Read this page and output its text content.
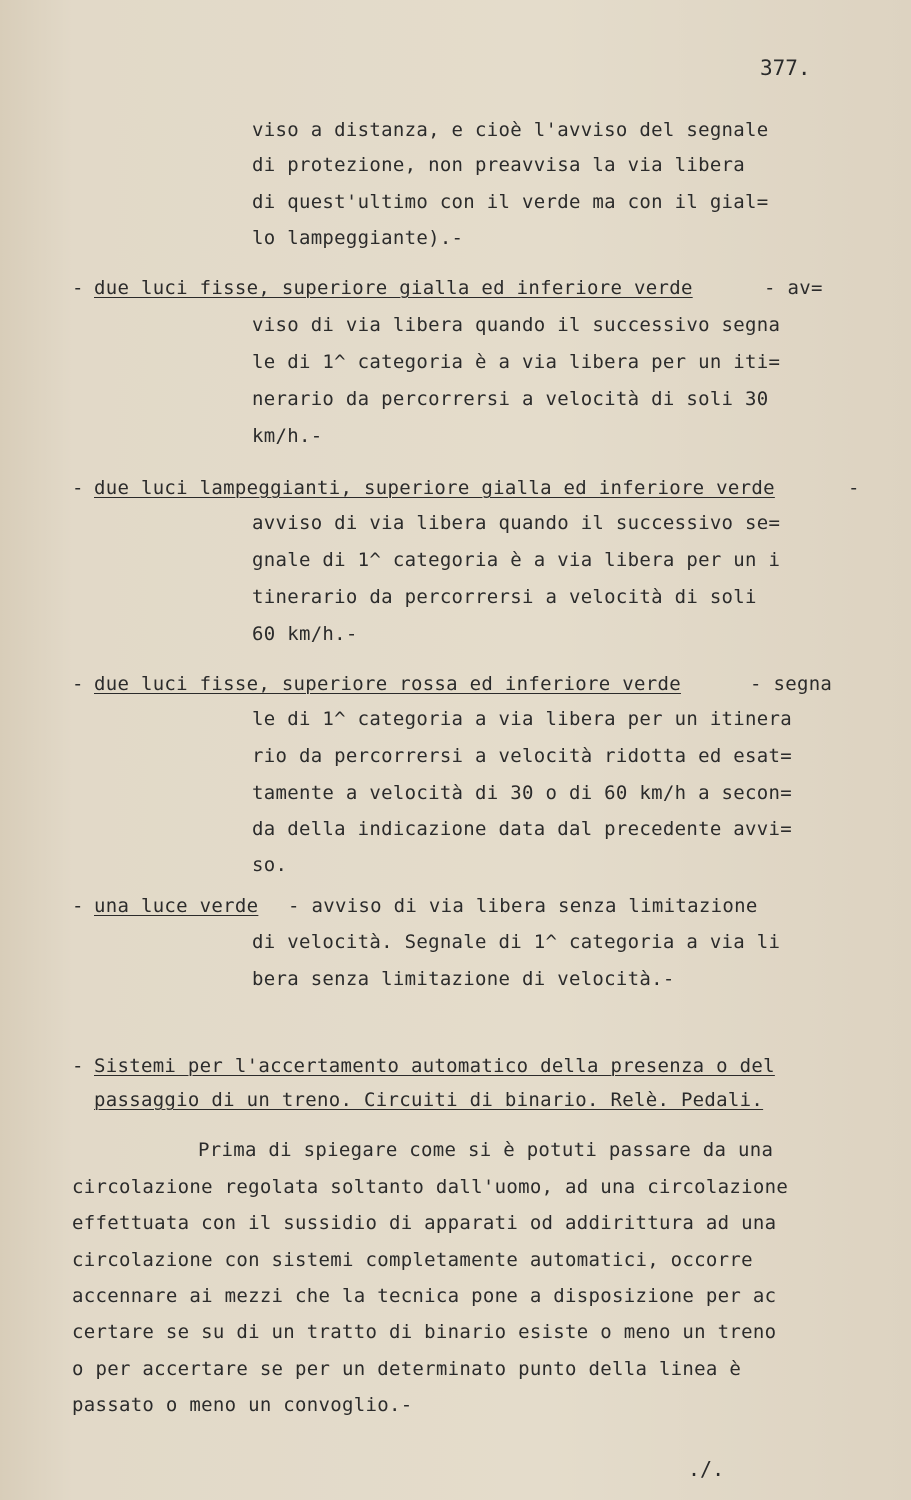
377.
viso a distanza, e cioè l'avviso del segnale
di protezione, non preavvisa la via libera
di quest'ultimo con il verde ma con il gial=
lo lampeggiante).-
- due luci fisse, superiore gialla ed inferiore verde	- av=
viso di via libera quando il successivo segna
le di 1^ categoria è a via libera per un iti=
nerario da percorrersi a velocità di soli 30
km/h.-
- due luci lampeggianti, superiore gialla ed inferiore verde	-
avviso di via libera quando il successivo se=
gnale di 1^ categoria è a via libera per un i
tinerario da percorrersi a velocità di soli
60 km/h.-
- due luci fisse, superiore rossa ed inferiore verde	- segna
le di 1^ categoria a via libera per un itinera
rio da percorrersi a velocità ridotta ed esat=
tamente a velocità di 30 o di 60 km/h a secon=
da della indicazione data dal precedente avvi=
so.
- una luce verde - avviso di via libera senza limitazione
di velocità. Segnale di 1^ categoria a via li
bera senza limitazione di velocità.-
- Sistemi per l'accertamento automatico della presenza o del
passaggio di un treno. Circuiti di binario. Relè. Pedali.
Prima di spiegare come si è potuti passare da una
circolazione regolata soltanto dall'uomo, ad una circolazione
effettuata con il sussidio di apparati od addirittura ad una
circolazione con sistemi completamente automatici, occorre
accennare ai mezzi che la tecnica pone a disposizione per ac
certare se su di un tratto di binario esiste o meno un treno
o per accertare se per un determinato punto della linea è
passato o meno un convoglio.-
./.
